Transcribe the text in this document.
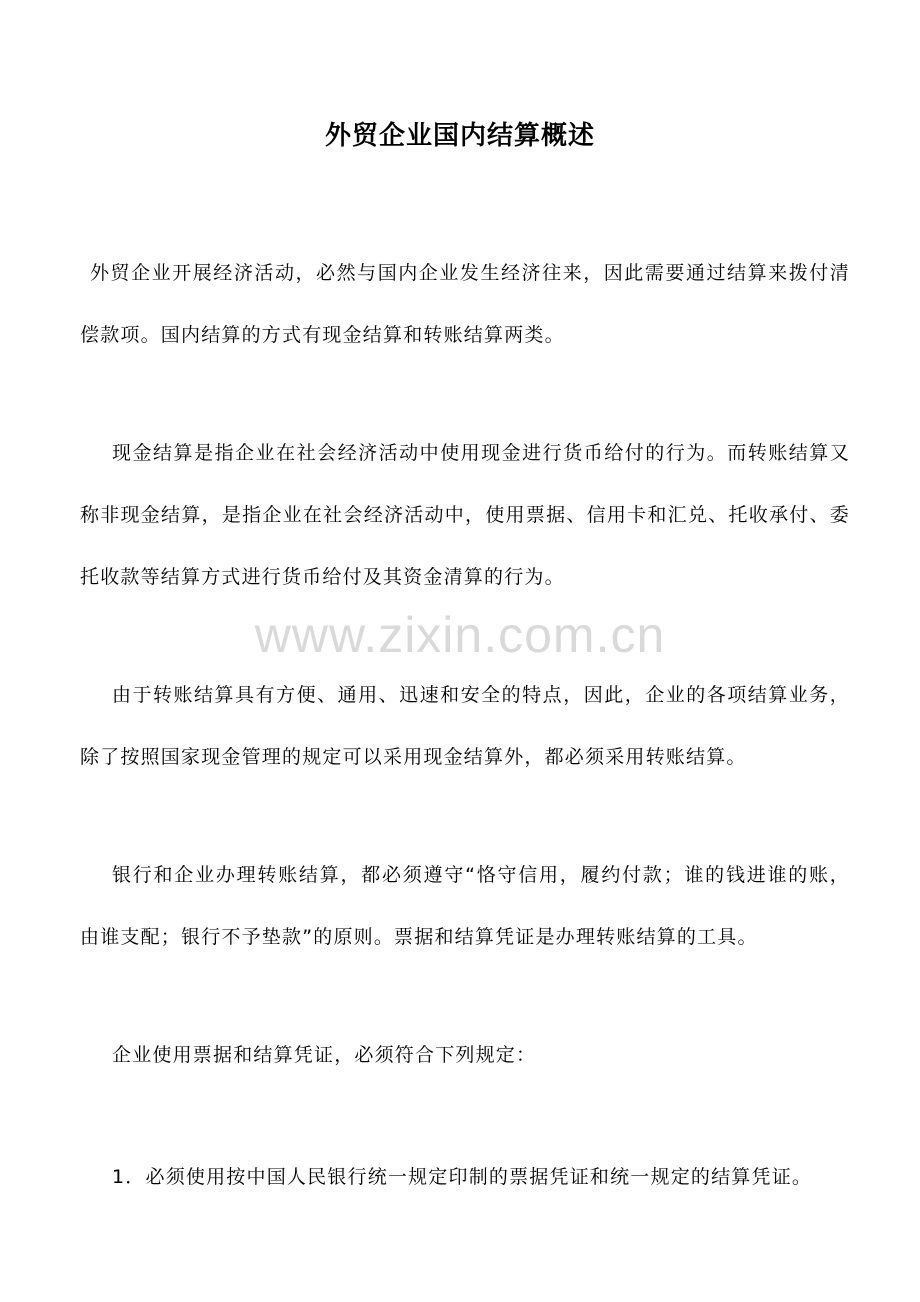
外贸企业国内结算概述

外贸企业开展经济活动，必然与国内企业发生经济往来，因此需要通过结算来拨付清偿款项。国内结算的方式有现金结算和转账结算两类。

现金结算是指企业在社会经济活动中使用现金进行货币给付的行为。而转账结算又称非现金结算，是指企业在社会经济活动中，使用票据、信用卡和汇兑、托收承付、委托收款等结算方式进行货币给付及其资金清算的行为。

www.zixin.com.cn

由于转账结算具有方便、通用、迅速和安全的特点，因此，企业的各项结算业务，除了按照国家现金管理的规定可以采用现金结算外，都必须采用转账结算。

银行和企业办理转账结算，都必须遵守“恪守信用，履约付款；谁的钱进谁的账，由谁支配；银行不予垫款”的原则。票据和结算凭证是办理转账结算的工具。

企业使用票据和结算凭证，必须符合下列规定：

1．必须使用按中国人民银行统一规定印制的票据凭证和统一规定的结算凭证。
